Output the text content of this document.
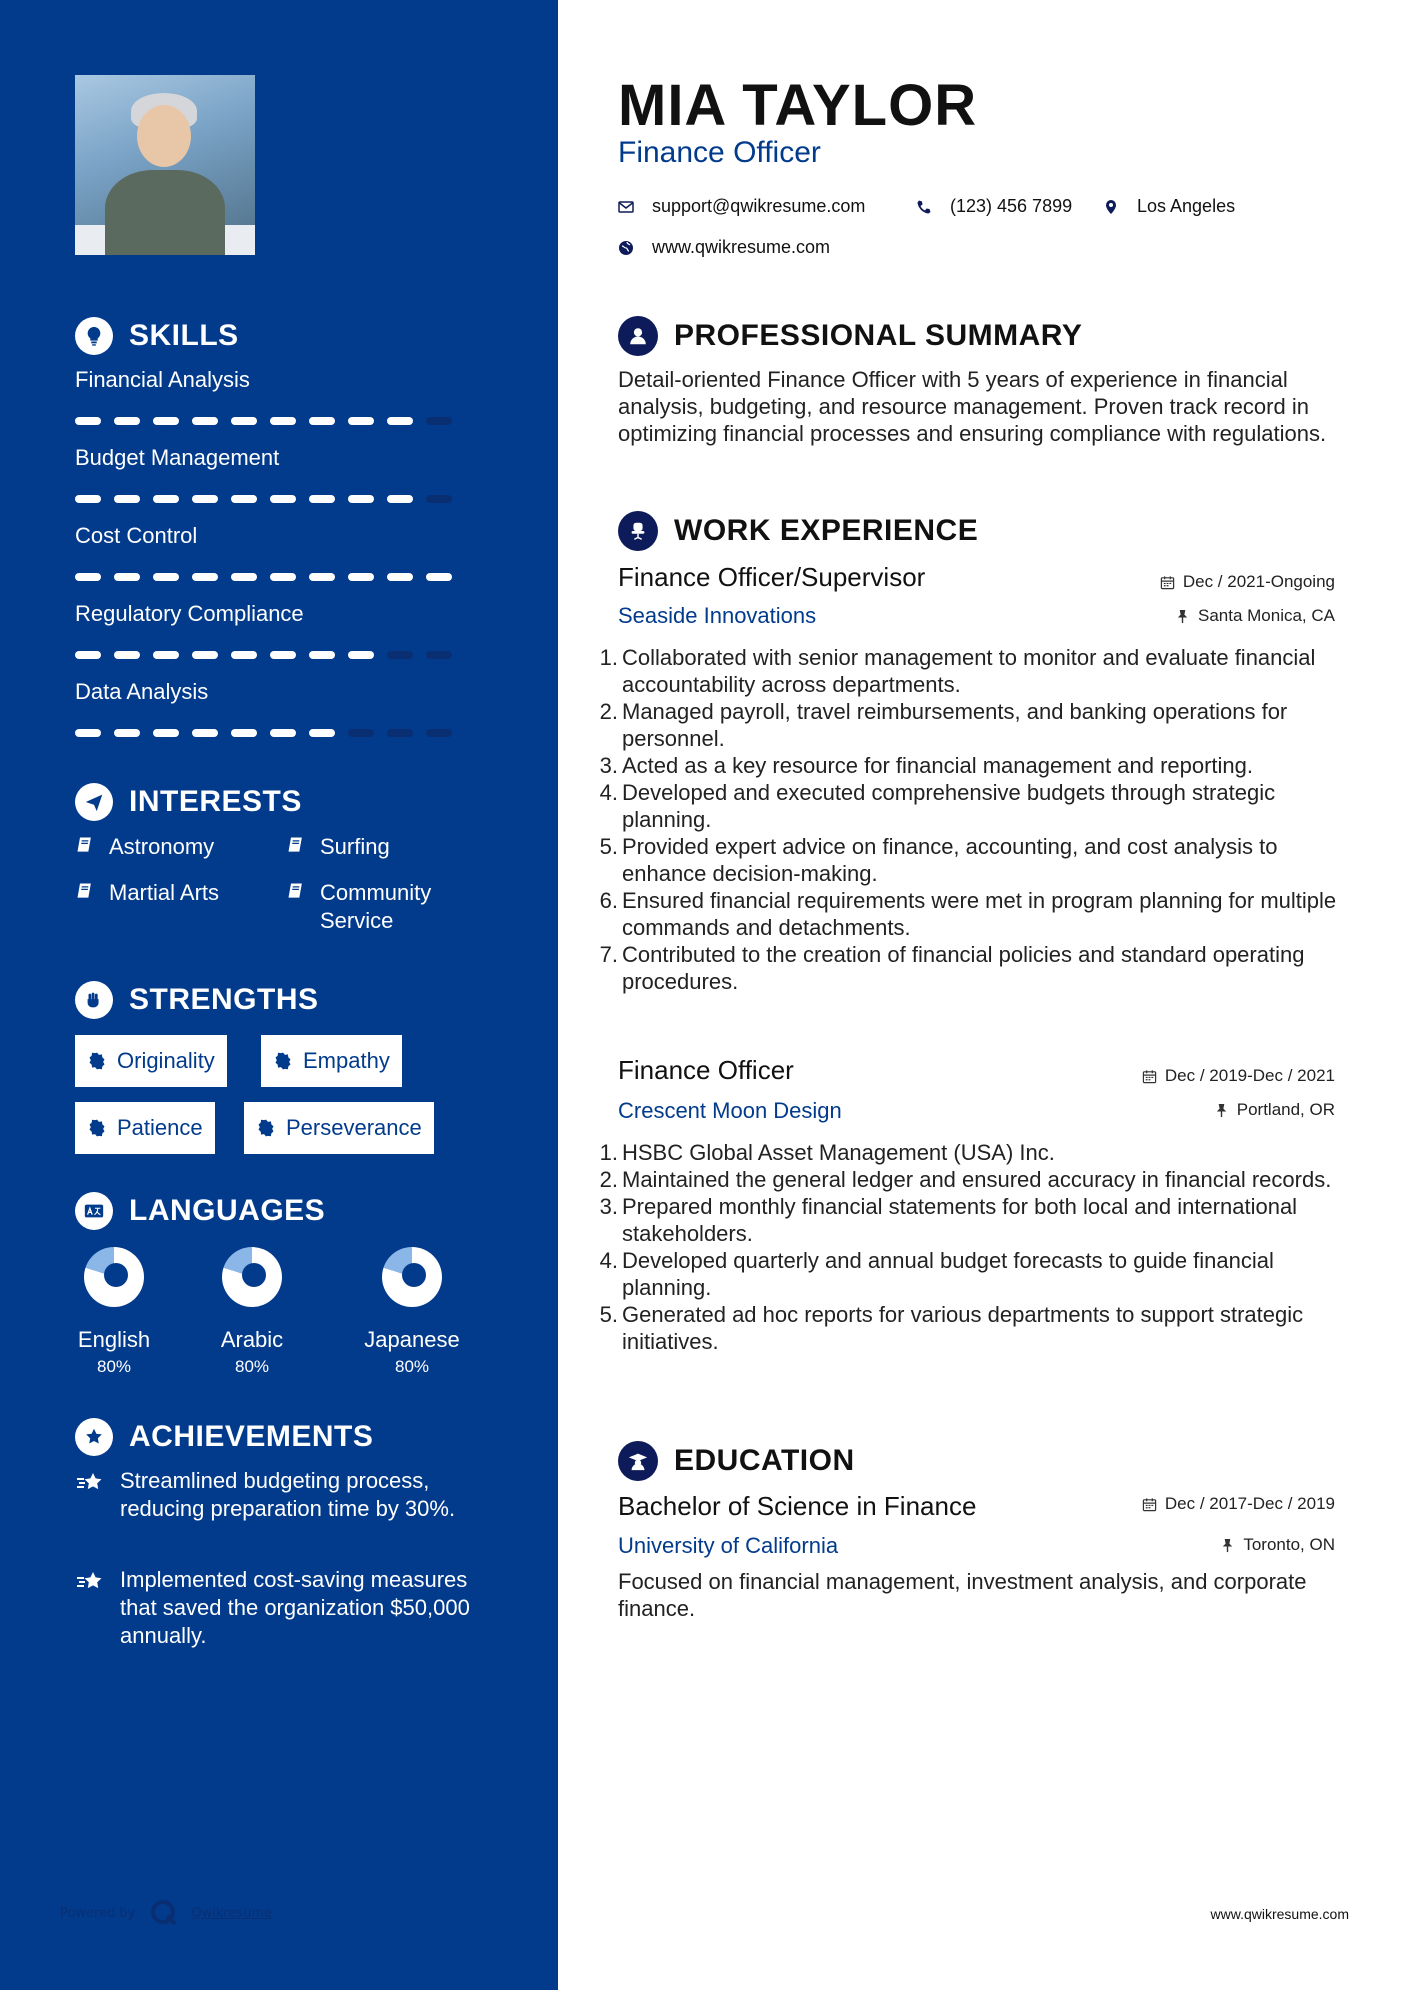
SKILLS
Financial Analysis
Budget Management
Cost Control
Regulatory Compliance
Data Analysis
INTERESTS
Astronomy	Surfing
Martial Arts	Community Service
STRENGTHS
Originality	Empathy
Patience	Perseverance
LANGUAGES
English
80%
Arabic
80%
Japanese
80%
ACHIEVEMENTS
Streamlined budgeting process, reducing preparation time by 30%.
Implemented cost-saving measures that saved the organization $50,000 annually.
Powered by	Qwikresume
MIA TAYLOR
Finance Officer
support@qwikresume.com	(123) 456 7899	Los Angeles
www.qwikresume.com
PROFESSIONAL SUMMARY
Detail-oriented Finance Officer with 5 years of experience in financial analysis, budgeting, and resource management. Proven track record in optimizing financial processes and ensuring compliance with regulations.
WORK EXPERIENCE
Finance Officer/Supervisor
Seaside Innovations
Dec / 2021-Ongoing
Santa Monica, CA
1. Collaborated with senior management to monitor and evaluate financial accountability across departments.
2. Managed payroll, travel reimbursements, and banking operations for personnel.
3. Acted as a key resource for financial management and reporting.
4. Developed and executed comprehensive budgets through strategic planning.
5. Provided expert advice on finance, accounting, and cost analysis to enhance decision-making.
6. Ensured financial requirements were met in program planning for multiple commands and detachments.
7. Contributed to the creation of financial policies and standard operating procedures.
Finance Officer
Crescent Moon Design
Dec / 2019-Dec / 2021
Portland, OR
1. HSBC Global Asset Management (USA) Inc.
2. Maintained the general ledger and ensured accuracy in financial records.
3. Prepared monthly financial statements for both local and international stakeholders.
4. Developed quarterly and annual budget forecasts to guide financial planning.
5. Generated ad hoc reports for various departments to support strategic initiatives.
EDUCATION
Bachelor of Science in Finance
University of California
Dec / 2017-Dec / 2019
Toronto, ON
Focused on financial management, investment analysis, and corporate finance.
www.qwikresume.com
